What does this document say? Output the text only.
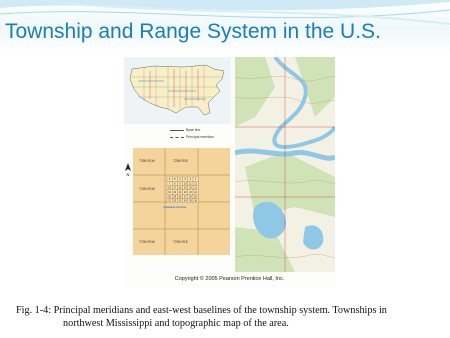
Township and Range System in the U.S.
Base line
Principal meridian
N
T25N R1W	T25N R1E
T24N R1W
T23N R1W	T23N R1E
Chickasaw Meridian
6 5 4 3 2 1
7 8 9 10 11 12
18 17 16 15 14 13
19 20 21 22 23 24
30 29 28 27 26 25
31 32 33 34 35 36
Copyright © 2005 Pearson Prentice Hall, Inc.
Fig. 1-4: Principal meridians and east-west baselines of the township system. Townships in
northwest Mississippi and topographic map of the area.
